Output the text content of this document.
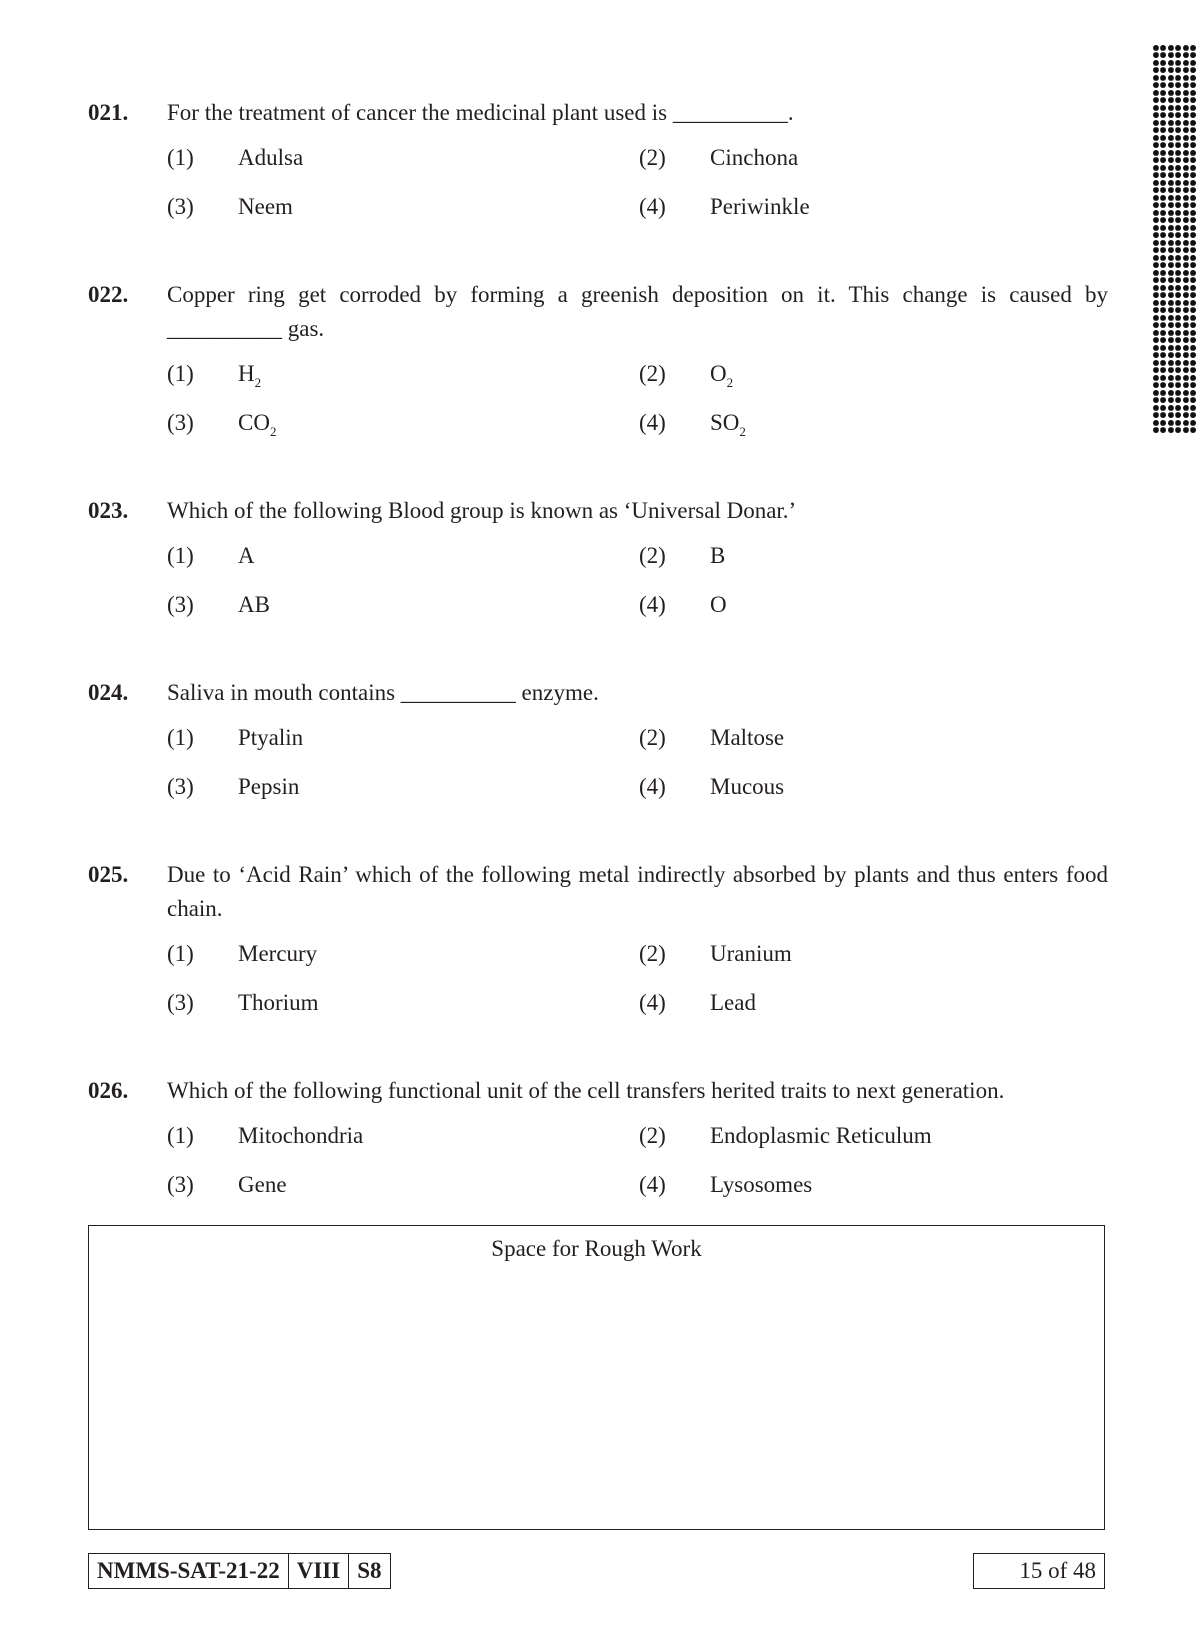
021. For the treatment of cancer the medicinal plant used is __________.
(1) Adulsa	(2) Cinchona
(3) Neem	(4) Periwinkle
022. Copper ring get corroded by forming a greenish deposition on it. This change is caused by __________ gas.
(1) $H_2$	(2) $O_2$
(3) $CO_2$	(4) $SO_2$
023. Which of the following Blood group is known as ‘Universal Donar.’
(1) A	(2) B
(3) AB	(4) O
024. Saliva in mouth contains __________ enzyme.
(1) Ptyalin	(2) Maltose
(3) Pepsin	(4) Mucous
025. Due to ‘Acid Rain’ which of the following metal indirectly absorbed by plants and thus enters food chain.
(1) Mercury	(2) Uranium
(3) Thorium	(4) Lead
026. Which of the following functional unit of the cell transfers herited traits to next generation.
(1) Mitochondria	(2) Endoplasmic Reticulum
(3) Gene	(4) Lysosomes
Space for Rough Work
NMMS-SAT-21-22 VIII S8	15 of 48
